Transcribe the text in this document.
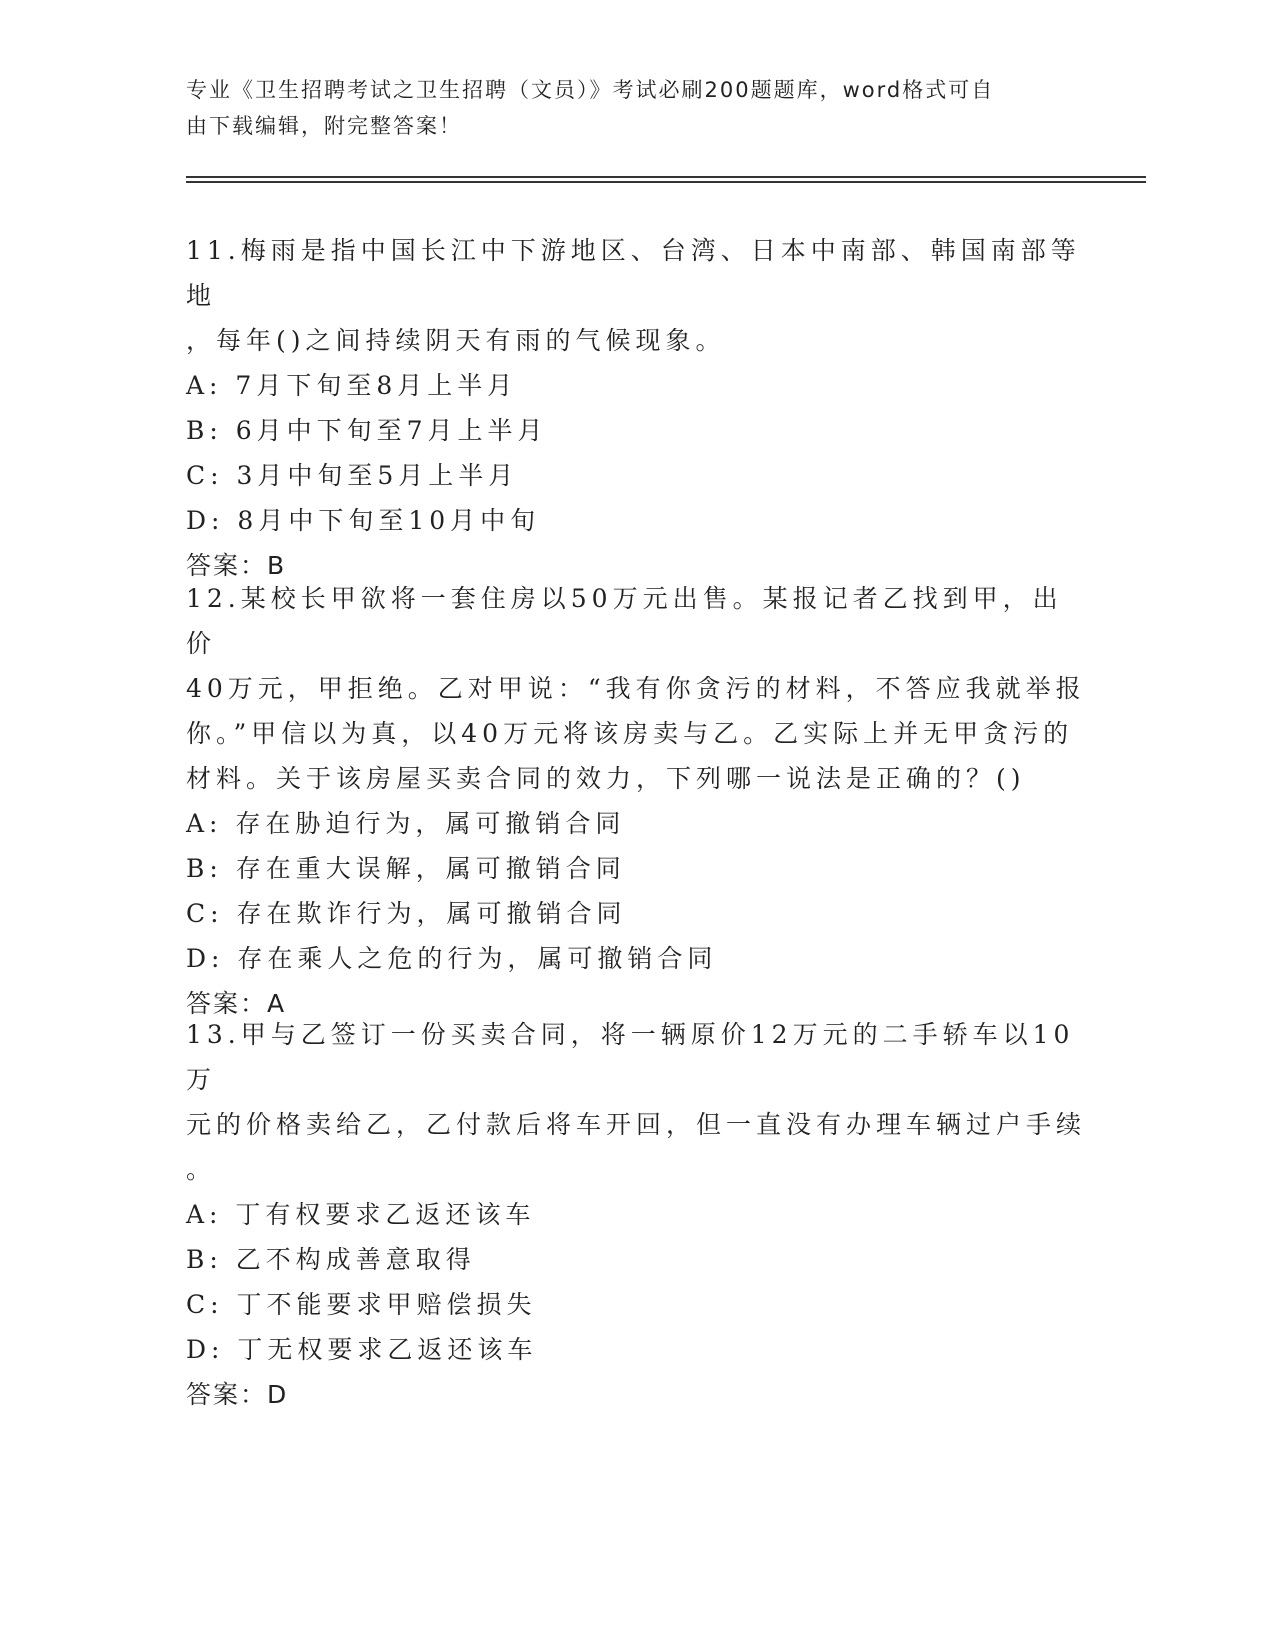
专业《卫生招聘考试之卫生招聘（文员）》考试必刷200题题库，word格式可自
由下载编辑，附完整答案！

11.梅雨是指中国长江中下游地区、台湾、日本中南部、韩国南部等地
，每年()之间持续阴天有雨的气候现象。

A: 7月下旬至8月上半月

B: 6月中下旬至7月上半月

C: 3月中旬至5月上半月

D: 8月中下旬至10月中旬

答案：B

12.某校长甲欲将一套住房以50万元出售。某报记者乙找到甲，出价
40万元，甲拒绝。乙对甲说：“我有你贪污的材料，不答应我就举报
你。”甲信以为真，以40万元将该房卖与乙。乙实际上并无甲贪污的
材料。关于该房屋买卖合同的效力，下列哪一说法是正确的？()

A: 存在胁迫行为，属可撤销合同

B: 存在重大误解，属可撤销合同

C: 存在欺诈行为，属可撤销合同

D: 存在乘人之危的行为，属可撤销合同

答案：A

13.甲与乙签订一份买卖合同，将一辆原价12万元的二手轿车以10万
元的价格卖给乙，乙付款后将车开回，但一直没有办理车辆过户手续
。

A: 丁有权要求乙返还该车

B: 乙不构成善意取得

C: 丁不能要求甲赔偿损失

D: 丁无权要求乙返还该车

答案：D
